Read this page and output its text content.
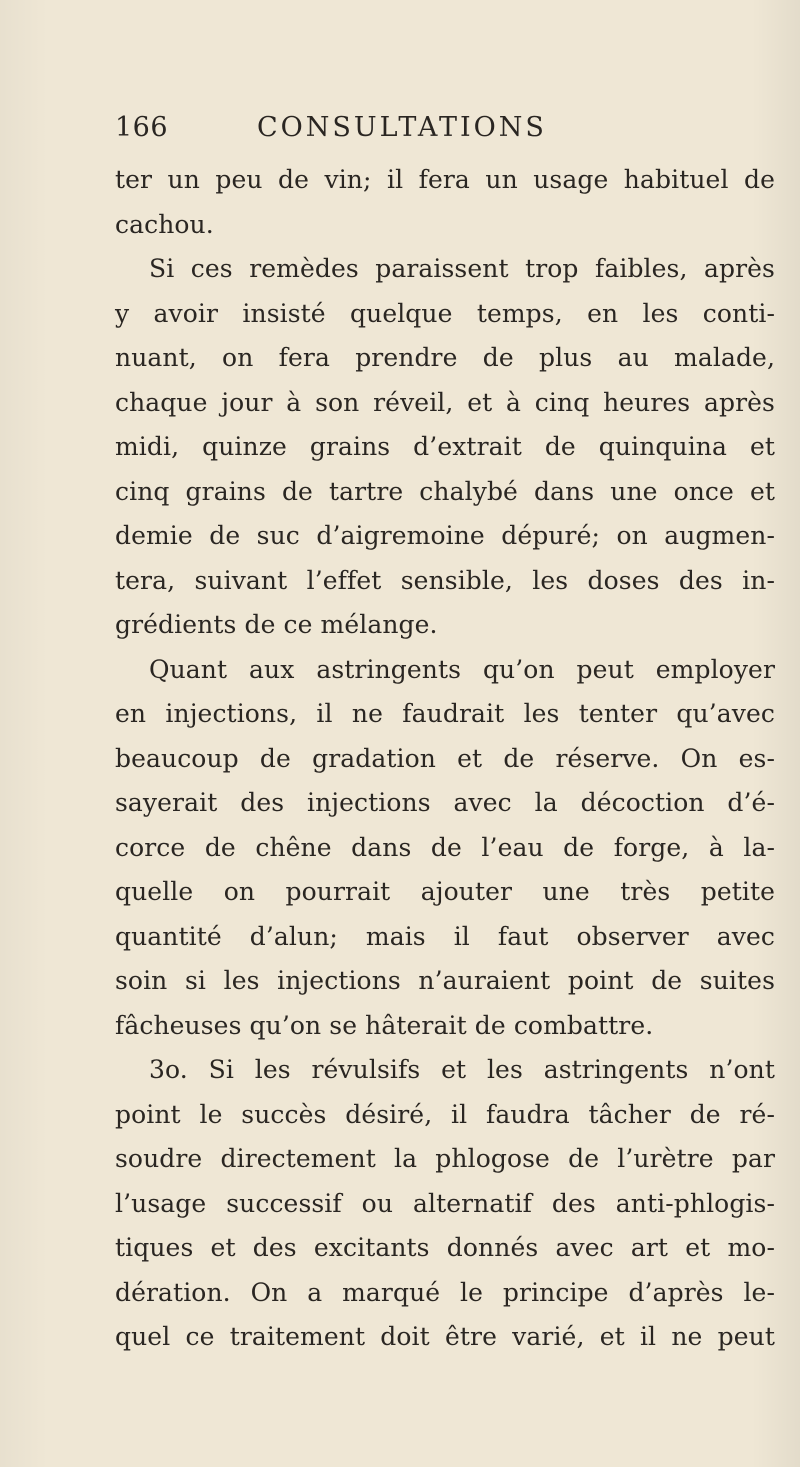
166	CONSULTATIONS
ter un peu de vin; il fera un usage habituel de
cachou.
Si ces remèdes paraissent trop faibles, après
y avoir insisté quelque temps, en les conti-
nuant, on fera prendre de plus au malade,
chaque jour à son réveil, et à cinq heures après
midi, quinze grains d’extrait de quinquina et
cinq grains de tartre chalybé dans une once et
demie de suc d’aigremoine dépuré; on augmen-
tera, suivant l’effet sensible, les doses des in-
grédients de ce mélange.
Quant aux astringents qu’on peut employer
en injections, il ne faudrait les tenter qu’avec
beaucoup de gradation et de réserve. On es-
sayerait des injections avec la décoction d’é-
corce de chêne dans de l’eau de forge, à la-
quelle on pourrait ajouter une très petite
quantité d’alun; mais il faut observer avec
soin si les injections n’auraient point de suites
fâcheuses qu’on se hâterait de combattre.
3o. Si les révulsifs et les astringents n’ont
point le succès désiré, il faudra tâcher de ré-
soudre directement la phlogose de l’urètre par
l’usage successif ou alternatif des anti-phlogis-
tiques et des excitants donnés avec art et mo-
dération. On a marqué le principe d’après le-
quel ce traitement doit être varié, et il ne peut
